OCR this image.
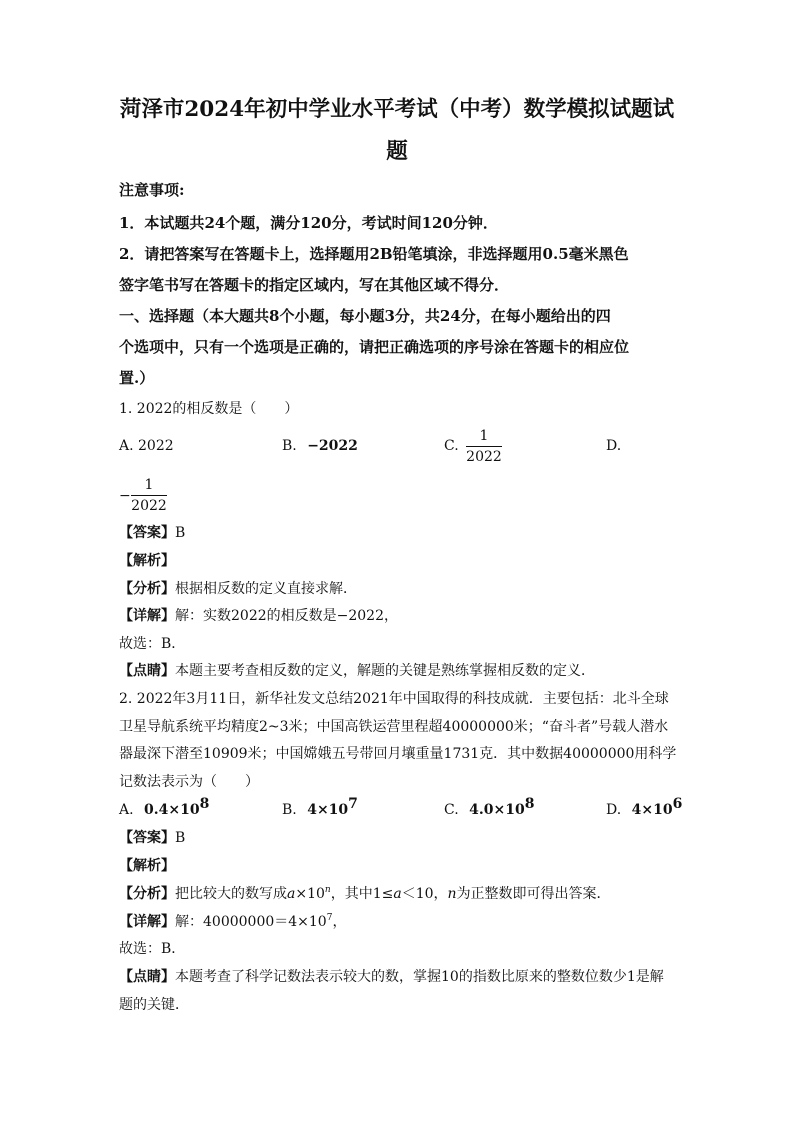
菏泽市2024年初中学业水平考试（中考）数学模拟试题试
题
注意事项:
1．本试题共24个题，满分120分，考试时间120分钟．
2．请把答案写在答题卡上，选择题用2B铅笔填涂，非选择题用0.5毫米黑色
签字笔书写在答题卡的指定区域内，写在其他区域不得分．
一、选择题（本大题共8个小题，每小题3分，共24分，在每小题给出的四
个选项中，只有一个选项是正确的，请把正确选项的序号涂在答题卡的相应位
置.）
1. 2022的相反数是（　　）
A. 2022	B. −2022	C.
1
2022
D.
−
1
2022
【答案】B
【解析】
【分析】根据相反数的定义直接求解．
【详解】解：实数2022的相反数是−2022，
故选：B．
【点睛】本题主要考查相反数的定义，解题的关键是熟练掌握相反数的定义．
2. 2022年3月11日，新华社发文总结2021年中国取得的科技成就．主要包括：北斗全球
卫星导航系统平均精度2~3米；中国高铁运营里程超40000000米；“奋斗者”号载人潜水
器最深下潜至10909米；中国嫦娥五号带回月壤重量1731克．其中数据40000000用科学
记数法表示为（　　）
A. $0.4\times 10^8$	B. $4\times 10^7$	C. $4.0\times 10^8$	D. $4\times 10^6$
【答案】B
【解析】
【分析】把比较大的数写成$a\times 10^n$，其中1≤a＜10，n为正整数即可得出答案．
【详解】解：$40000000=4\times 10^7$，
故选：B．
【点睛】本题考查了科学记数法表示较大的数，掌握10的指数比原来的整数位数少1是解
题的关键．
